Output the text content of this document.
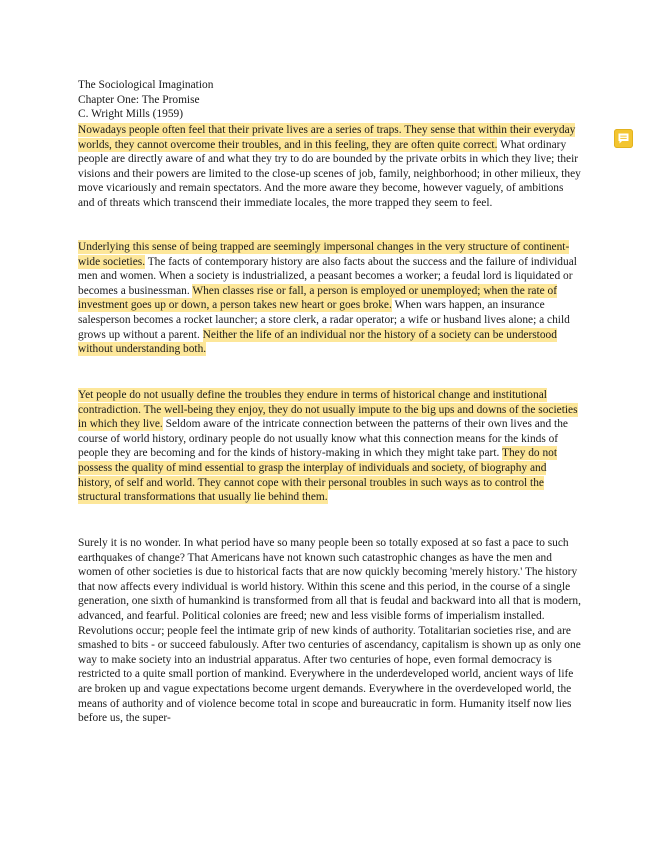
The Sociological Imagination
Chapter One: The Promise
C. Wright Mills (1959)
Nowadays people often feel that their private lives are a series of traps. They sense that within their everyday worlds, they cannot overcome their troubles, and in this feeling, they are often quite correct. What ordinary people are directly aware of and what they try to do are bounded by the private orbits in which they live; their visions and their powers are limited to the close-up scenes of job, family, neighborhood; in other milieux, they move vicariously and remain spectators. And the more aware they become, however vaguely, of ambitions and of threats which transcend their immediate locales, the more trapped they seem to feel.
Underlying this sense of being trapped are seemingly impersonal changes in the very structure of continent-wide societies. The facts of contemporary history are also facts about the success and the failure of individual men and women. When a society is industrialized, a peasant becomes a worker; a feudal lord is liquidated or becomes a businessman. When classes rise or fall, a person is employed or unemployed; when the rate of investment goes up or down, a person takes new heart or goes broke. When wars happen, an insurance salesperson becomes a rocket launcher; a store clerk, a radar operator; a wife or husband lives alone; a child grows up without a parent. Neither the life of an individual nor the history of a society can be understood without understanding both.
Yet people do not usually define the troubles they endure in terms of historical change and institutional contradiction. The well-being they enjoy, they do not usually impute to the big ups and downs of the societies in which they live. Seldom aware of the intricate connection between the patterns of their own lives and the course of world history, ordinary people do not usually know what this connection means for the kinds of people they are becoming and for the kinds of history-making in which they might take part. They do not possess the quality of mind essential to grasp the interplay of individuals and society, of biography and history, of self and world. They cannot cope with their personal troubles in such ways as to control the structural transformations that usually lie behind them.
Surely it is no wonder. In what period have so many people been so totally exposed at so fast a pace to such earthquakes of change? That Americans have not known such catastrophic changes as have the men and women of other societies is due to historical facts that are now quickly becoming 'merely history.' The history that now affects every individual is world history. Within this scene and this period, in the course of a single generation, one sixth of humankind is transformed from all that is feudal and backward into all that is modern, advanced, and fearful. Political colonies are freed; new and less visible forms of imperialism installed. Revolutions occur; people feel the intimate grip of new kinds of authority. Totalitarian societies rise, and are smashed to bits - or succeed fabulously. After two centuries of ascendancy, capitalism is shown up as only one way to make society into an industrial apparatus. After two centuries of hope, even formal democracy is restricted to a quite small portion of mankind. Everywhere in the underdeveloped world, ancient ways of life are broken up and vague expectations become urgent demands. Everywhere in the overdeveloped world, the means of authority and of violence become total in scope and bureaucratic in form. Humanity itself now lies before us, the super-
